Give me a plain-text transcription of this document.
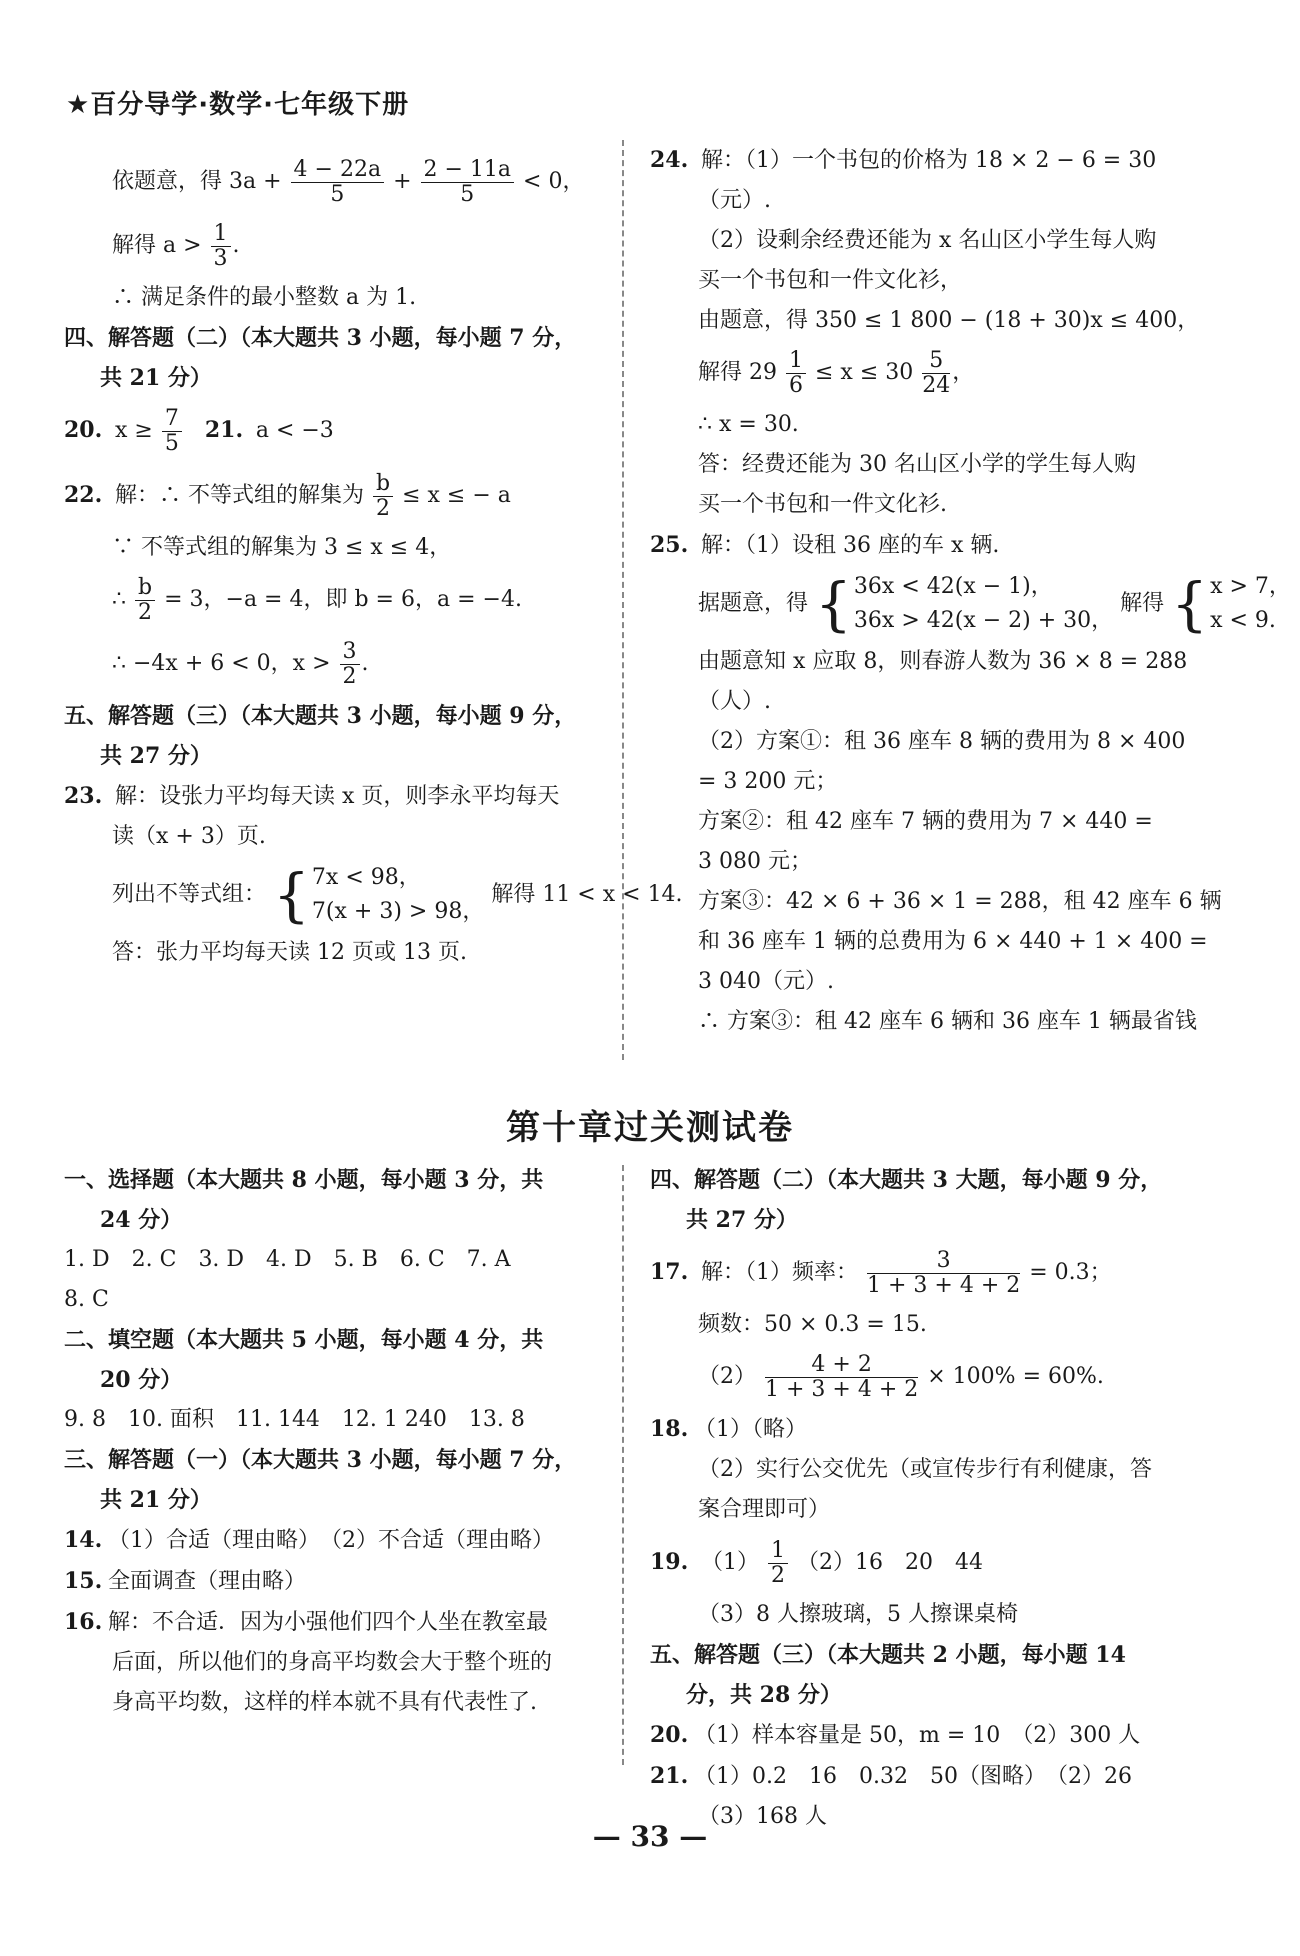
★百分导学·数学·七年级下册

依题意，得 $3a + \frac{4 - 22a}{5} + \frac{2 - 11a}{5} < 0$，

解得 $a > \frac{1}{3}$ .

∴ 满足条件的最小整数 a 为 1.

四、解答题（二）（本大题共 3 小题，每小题 7 分，

共 21 分）

20. $x \ge \frac{7}{5} 21$. a < −3

22. 解：∴ 不等式组的解集为 $\frac{b}{2} \le x$ ≤ − a

∵ 不等式组的解集为 3 ≤ x ≤ 4，

∴ $\frac{b}{2} = 3$，−a = 4，即 b = 6，a = −4.

∴ −4x + 6 < 0，$x > \frac{3}{2}$ .

五、解答题（三）（本大题共 3 小题，每小题 9 分，

共 27 分）

23. 解：设张力平均每天读 x 页，则李永平均每天

读（x + 3）页.

列出不等式组： { 7x < 98，
7(x + 3) > 98，
解得 11 < x < 14.

答：张力平均每天读 12 页或 13 页.

24. 解：（1）一个书包的价格为 18 × 2 − 6 = 30

（元）.

（2）设剩余经费还能为 x 名山区小学生每人购

买一个书包和一件文化衫，

由题意，得 350 ≤ 1 800 − (18 + 30)x ≤ 400，

解得 $29 \frac{1}{6} \le x \le 30 \frac{5}{24}$ ，

∴ x = 30.

答：经费还能为 30 名山区小学的学生每人购

买一个书包和一件文化衫.

25. 解：（1）设租 36 座的车 x 辆.

据题意，得 { 36x < 42(x − 1)，
36x > 42(x − 2) + 30，
解得 { x > 7，
x < 9.

由题意知 x 应取 8，则春游人数为 36 × 8 = 288

（人）.

（2）方案①：租 36 座车 8 辆的费用为 8 × 400

= 3 200 元；

方案②：租 42 座车 7 辆的费用为 7 × 440 =

3 080 元；

方案③：42 × 6 + 36 × 1 = 288，租 42 座车 6 辆

和 36 座车 1 辆的总费用为 6 × 440 + 1 × 400 =

3 040（元）.

∴ 方案③：租 42 座车 6 辆和 36 座车 1 辆最省钱

第十章过关测试卷

一、选择题（本大题共 8 小题，每小题 3 分，共

24 分）

1. D　2. C　3. D　4. D　5. B　6. C　7. A

8. C

二、填空题（本大题共 5 小题，每小题 4 分，共

20 分）

9. 8　10. 面积　11. 144　12. 1 240　13. 8

三、解答题（一）（本大题共 3 小题，每小题 7 分，

共 21 分）

14. （1）合适（理由略）　（2）不合适（理由略）

15. 全面调查（理由略）

16. 解：不合适．因为小强他们四个人坐在教室最

后面，所以他们的身高平均数会大于整个班的

身高平均数，这样的样本就不具有代表性了.

四、解答题（二）（本大题共 3 大题，每小题 9 分，

共 27 分）

17. 解：（1）频率： $\frac{3}{1 + 3 + 4 + 2} = 0.3$；

频数：50 × 0.3 = 15.

$(2) \frac{4 + 2}{1 + 3 + 4 + 2} \times 100\% = 60\%$.

18. （1）（略）

（2）实行公交优先（或宣传步行有利健康，答

案合理即可）

19. $(1) \frac{1}{2} (2)16$　20　44

（3）8 人擦玻璃，5 人擦课桌椅

五、解答题（三）（本大题共 2 小题，每小题 14

分，共 28 分）

20. （1）样本容量是 50，m = 10　（2）300 人

21. （1）0.2　16　0.32　50（图略）　（2）26

（3）168 人

— 33 —
